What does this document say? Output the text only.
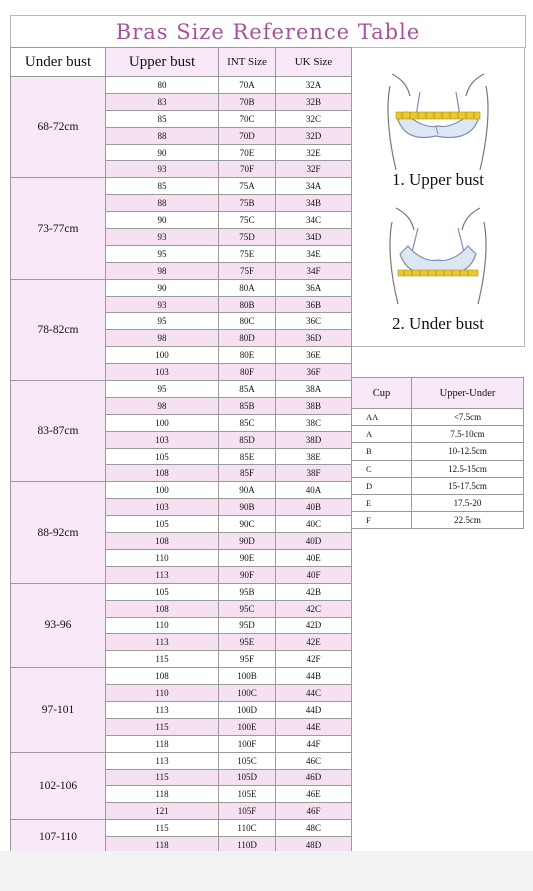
Bras Size Reference Table
Under bust	Upper bust	INT Size	UK Size
68-72cm	80	70A	32A
	83	70B	32B
	85	70C	32C
	88	70D	32D
	90	70E	32E
	93	70F	32F
73-77cm	85	75A	34A
	88	75B	34B
	90	75C	34C
	93	75D	34D
	95	75E	34E
	98	75F	34F
78-82cm	90	80A	36A
	93	80B	36B
	95	80C	36C
	98	80D	36D
	100	80E	36E
	103	80F	36F
83-87cm	95	85A	38A
	98	85B	38B
	100	85C	38C
	103	85D	38D
	105	85E	38E
	108	85F	38F
88-92cm	100	90A	40A
	103	90B	40B
	105	90C	40C
	108	90D	40D
	110	90E	40E
	113	90F	40F
93-96	105	95B	42B
	108	95C	42C
	110	95D	42D
	113	95E	42E
	115	95F	42F
97-101	108	100B	44B
	110	100C	44C
	113	100D	44D
	115	100E	44E
	118	100F	44F
102-106	113	105C	46C
	115	105D	46D
	118	105E	46E
	121	105F	46F
107-110	115	110C	48C
	118	110D	48D
1. Upper bust
2. Under bust
Cup	Upper-Under
AA	<7.5cm
A	7.5-10cm
B	10-12.5cm
C	12.5-15cm
D	15-17.5cm
E	17.5-20
F	22.5cm
